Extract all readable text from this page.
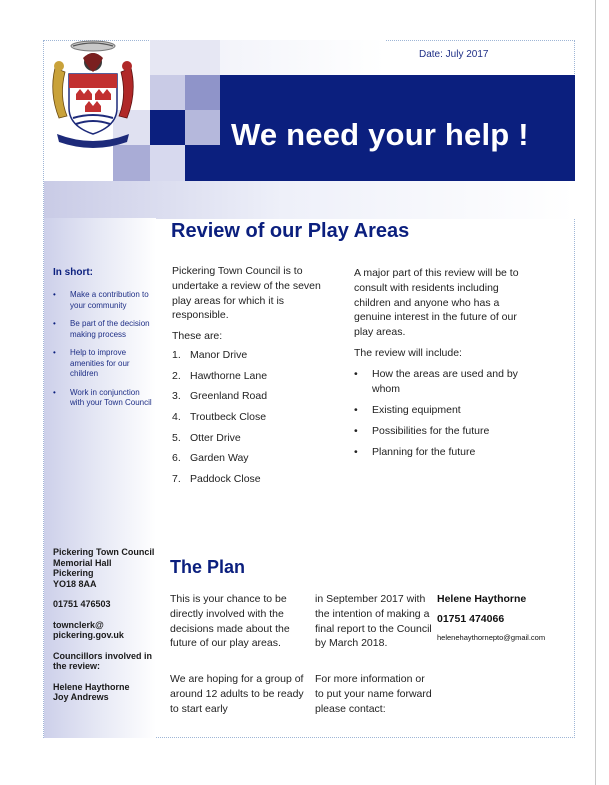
We need your help !
Date: July 2017
Review of our Play Areas
In short:
• Make a contribution to your community
• Be part of the decision making process
• Help to improve amenities for our children
• Work in conjunction with your Town Council
Pickering Town Council is to undertake a review of the seven play areas for which it is responsible.
These are:
1. Manor Drive
2. Hawthorne Lane
3. Greenland Road
4. Troutbeck Close
5. Otter Drive
6. Garden Way
7. Paddock Close
A major part of this review will be to consult with residents including children and anyone who has a genuine interest in the future of our play areas.
The review will include:
• How the areas are used and by whom
• Existing equipment
• Possibilities for the future
• Planning for the future
Pickering Town Council
Memorial Hall
Pickering
YO18 8AA
01751 476503
townclerk@
pickering.gov.uk
Councillors involved in the review:
Helene Haythorne
Joy Andrews
The Plan
This is your chance to be directly involved with the decisions made about the future of our play areas.
We are hoping for a group of around 12 adults to be ready to start early
in September 2017 with the intention of making a final report to the Council by March 2018.
For more information or to put your name forward please contact:
Helene Haythorne
01751 474066
helenehaythornepto@gmail.com
